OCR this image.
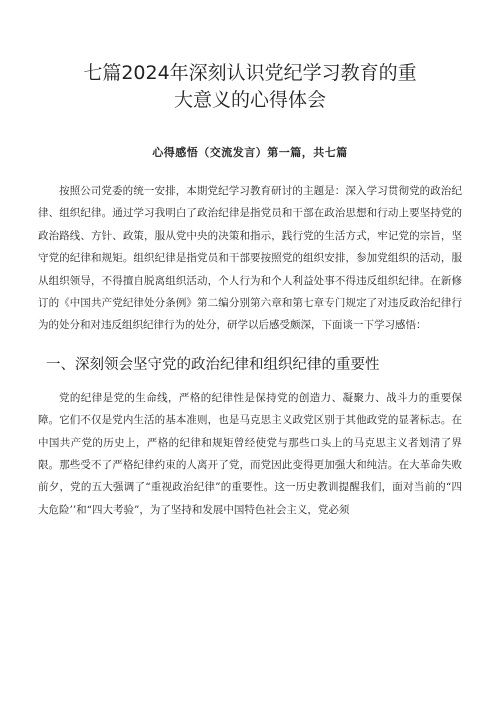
七篇2024年深刻认识党纪学习教育的重大意义的心得体会
心得感悟（交流发言）第一篇，共七篇

按照公司党委的统一安排，本期党纪学习教育研讨的主题是：深入学习贯彻党的政治纪律、组织纪律。通过学习我明白了政治纪律是指党员和干部在政治思想和行动上要坚持党的政治路线、方针、政策，服从党中央的决策和指示，践行党的生活方式，牢记党的宗旨，坚守党的纪律和规矩。组织纪律是指党员和干部要按照党的组织安排，参加党组织的活动，服从组织领导，不得擅自脱离组织活动，个人行为和个人利益处事不得违反组织纪律。在新修订的《中国共产党纪律处分条例》第二编分别第六章和第七章专门规定了对违反政治纪律行为的处分和对违反组织纪律行为的处分，研学以后感受颇深，下面谈一下学习感悟：

一、深刻领会坚守党的政治纪律和组织纪律的重要性

党的纪律是党的生命线，严格的纪律性是保持党的创造力、凝聚力、战斗力的重要保障。它们不仅是党内生活的基本准则，也是马克思主义政党区别于其他政党的显著标志。在中国共产党的历史上，严格的纪律和规矩曾经使党与那些口头上的马克思主义者划清了界限。那些受不了严格纪律约束的人离开了党，而党因此变得更加强大和纯洁。在大革命失败前夕，党的五大强调了“重视政治纪律”的重要性。这一历史教训提醒我们，面对当前的“四大危险’’和“四大考验”，为了坚持和发展中国特色社会主义，党必须
